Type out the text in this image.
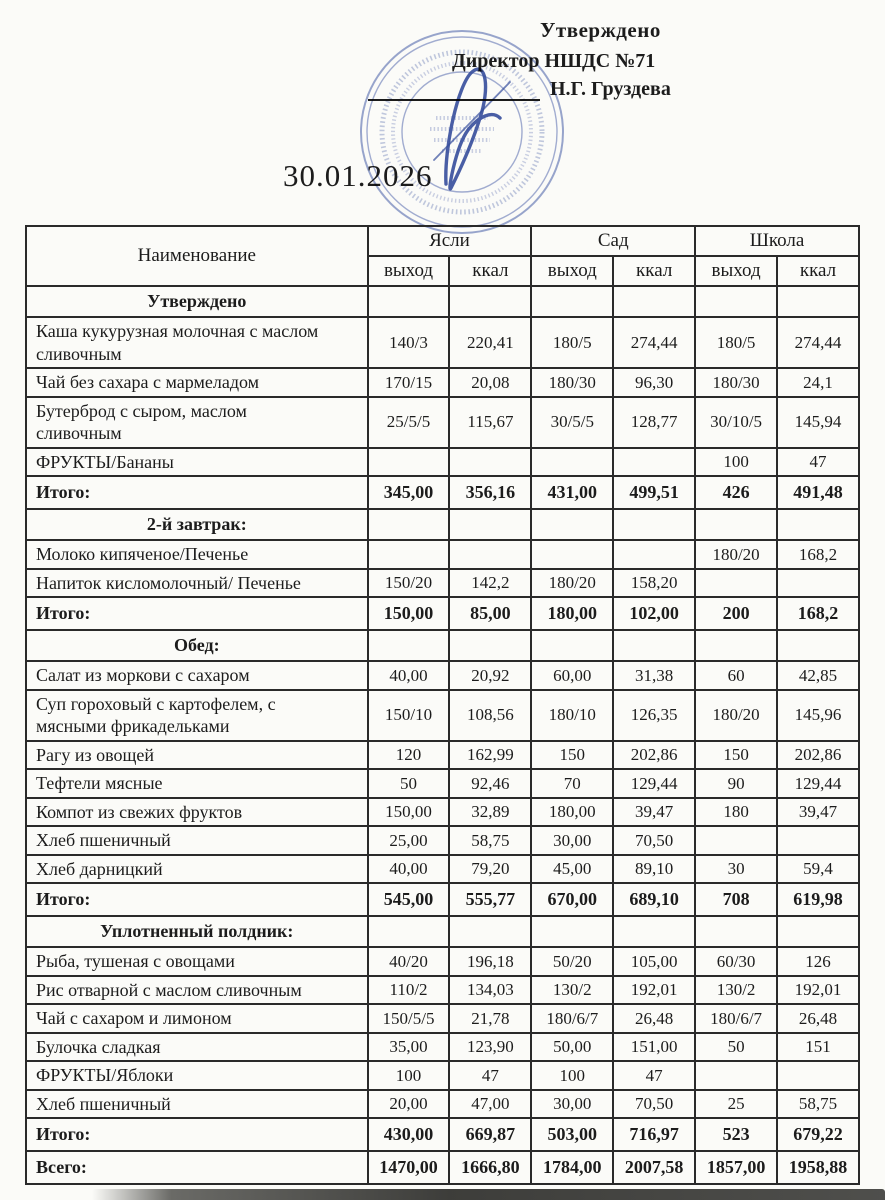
Утверждено
Директор НШДС №71
Н.Г. Груздева
30.01.2026
Наименование	Ясли		Сад		Школа	
	выход	ккал	выход	ккал	выход	ккал
Утверждено						
Каша кукурузная молочная с маслом сливочным	140/3	220,41	180/5	274,44	180/5	274,44
Чай без сахара с мармеладом	170/15	20,08	180/30	96,30	180/30	24,1
Бутерброд с сыром, маслом сливочным	25/5/5	115,67	30/5/5	128,77	30/10/5	145,94
ФРУКТЫ/Бананы					100	47
Итого:	345,00	356,16	431,00	499,51	426	491,48
2-й завтрак:						
Молоко кипяченое/Печенье					180/20	168,2
Напиток кисломолочный/ Печенье	150/20	142,2	180/20	158,20		
Итого:	150,00	85,00	180,00	102,00	200	168,2
Обед:						
Салат из моркови с сахаром	40,00	20,92	60,00	31,38	60	42,85
Суп гороховый с картофелем, с мясными фрикадельками	150/10	108,56	180/10	126,35	180/20	145,96
Рагу из овощей	120	162,99	150	202,86	150	202,86
Тефтели мясные	50	92,46	70	129,44	90	129,44
Компот из свежих фруктов	150,00	32,89	180,00	39,47	180	39,47
Хлеб пшеничный	25,00	58,75	30,00	70,50		
Хлеб дарницкий	40,00	79,20	45,00	89,10	30	59,4
Итого:	545,00	555,77	670,00	689,10	708	619,98
Уплотненный полдник:						
Рыба, тушеная с овощами	40/20	196,18	50/20	105,00	60/30	126
Рис отварной с маслом сливочным	110/2	134,03	130/2	192,01	130/2	192,01
Чай с сахаром и лимоном	150/5/5	21,78	180/6/7	26,48	180/6/7	26,48
Булочка сладкая	35,00	123,90	50,00	151,00	50	151
ФРУКТЫ/Яблоки	100	47	100	47		
Хлеб пшеничный	20,00	47,00	30,00	70,50	25	58,75
Итого:	430,00	669,87	503,00	716,97	523	679,22
Всего:	1470,00	1666,80	1784,00	2007,58	1857,00	1958,88
